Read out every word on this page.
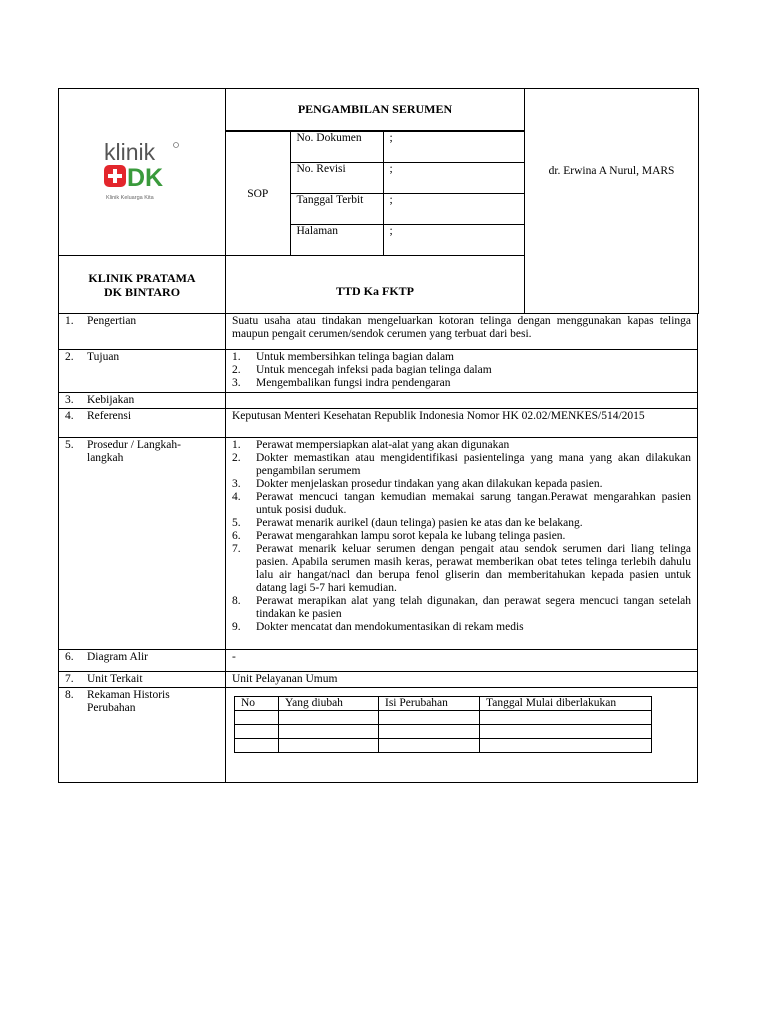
klinik
DK
Klinik Keluarga Kita

PENGAMBILAN SERUMEN
SOP	No. Dokumen	;
No. Revisi	;
Tanggal Terbit	;
Halaman	;
	dr. Erwina A Nurul, MARS

KLINIK PRATAMA
DK BINTARO	TTD Ka FKTP
1. Pengertian	Suatu usaha atau tindakan mengeluarkan kotoran telinga dengan menggunakan kapas telinga maupun pengait cerumen/sendok cerumen yang terbuat dari besi.
2. Tujuan	1.	Untuk membersihkan telinga bagian dalam
2.	Untuk mencegah infeksi pada bagian telinga dalam
3.	Mengembalikan fungsi indra pendengaran

3. Kebijakan	
4. Referensi	Keputusan Menteri Kesehatan Republik Indonesia Nomor HK 02.02/MENKES/514/2015

5.	Prosedur / Langkah-langkah

1.	Perawat mempersiapkan alat-alat yang akan digunakan
2.	Dokter memastikan atau mengidentifikasi pasientelinga yang mana yang akan dilakukan pengambilan serumem
3.	Dokter menjelaskan prosedur tindakan yang akan dilakukan kepada pasien.
4.	Perawat mencuci tangan kemudian memakai sarung tangan.Perawat mengarahkan pasien untuk posisi duduk.
5.	Perawat menarik aurikel (daun telinga) pasien ke atas dan ke belakang.
6.	Perawat mengarahkan lampu sorot kepala ke lubang telinga pasien.
7.	Perawat menarik keluar serumen dengan pengait atau sendok serumen dari liang telinga pasien. Apabila serumen masih keras, perawat memberikan obat tetes telinga terlebih dahulu lalu air hangat/nacl dan berupa fenol gliserin dan memberitahukan kepada pasien untuk datang lagi 5-7 hari kemudian.
8.	Perawat merapikan alat yang telah digunakan, dan perawat segera mencuci tangan setelah tindakan ke pasien
9.	Dokter mencatat dan mendokumentasikan di rekam medis

6. Diagram Alir	-
7. Unit Terkait	Unit Pelayanan Umum

8.	Rekaman Historis Perubahan
		No	Yang diubah	Isi Perubahan	Tanggal Mulai diberlakukan
